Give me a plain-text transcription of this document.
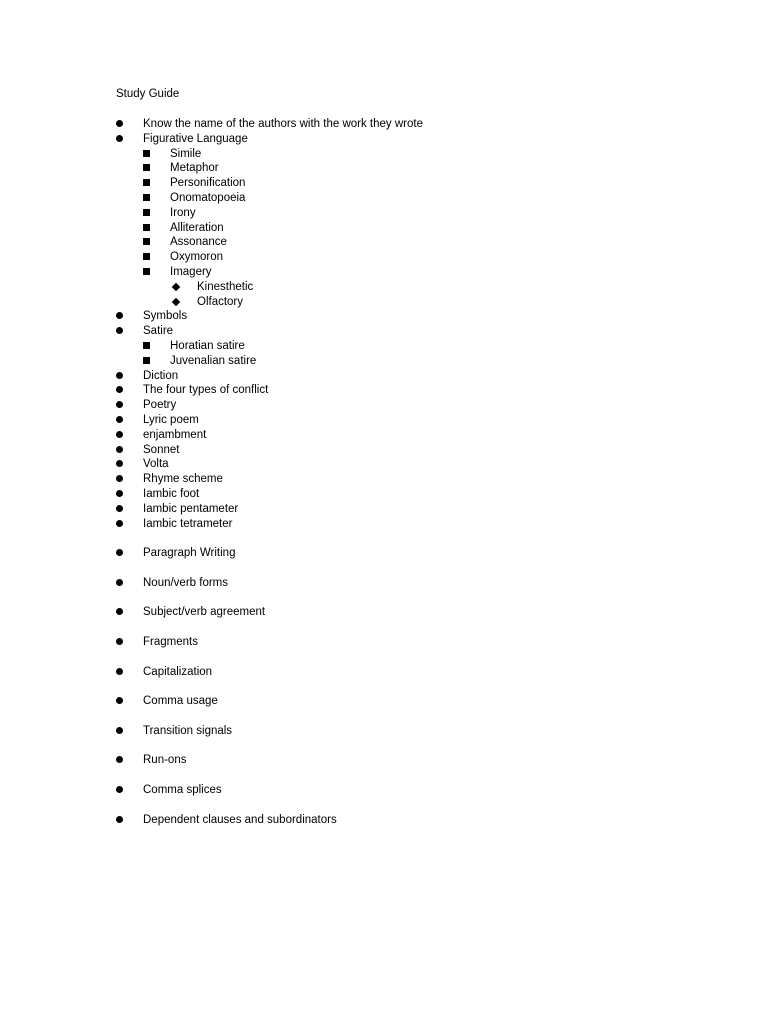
Study Guide
Know the name of the authors with the work they wrote
Figurative Language
Simile
Metaphor
Personification
Onomatopoeia
Irony
Alliteration
Assonance
Oxymoron
Imagery
Kinesthetic
Olfactory
Symbols
Satire
Horatian satire
Juvenalian satire
Diction
The four types of conflict
Poetry
Lyric poem
enjambment
Sonnet
Volta
Rhyme scheme
Iambic foot
Iambic pentameter
Iambic tetrameter
Paragraph Writing
Noun/verb forms
Subject/verb agreement
Fragments
Capitalization
Comma usage
Transition signals
Run-ons
Comma splices
Dependent clauses and subordinators
